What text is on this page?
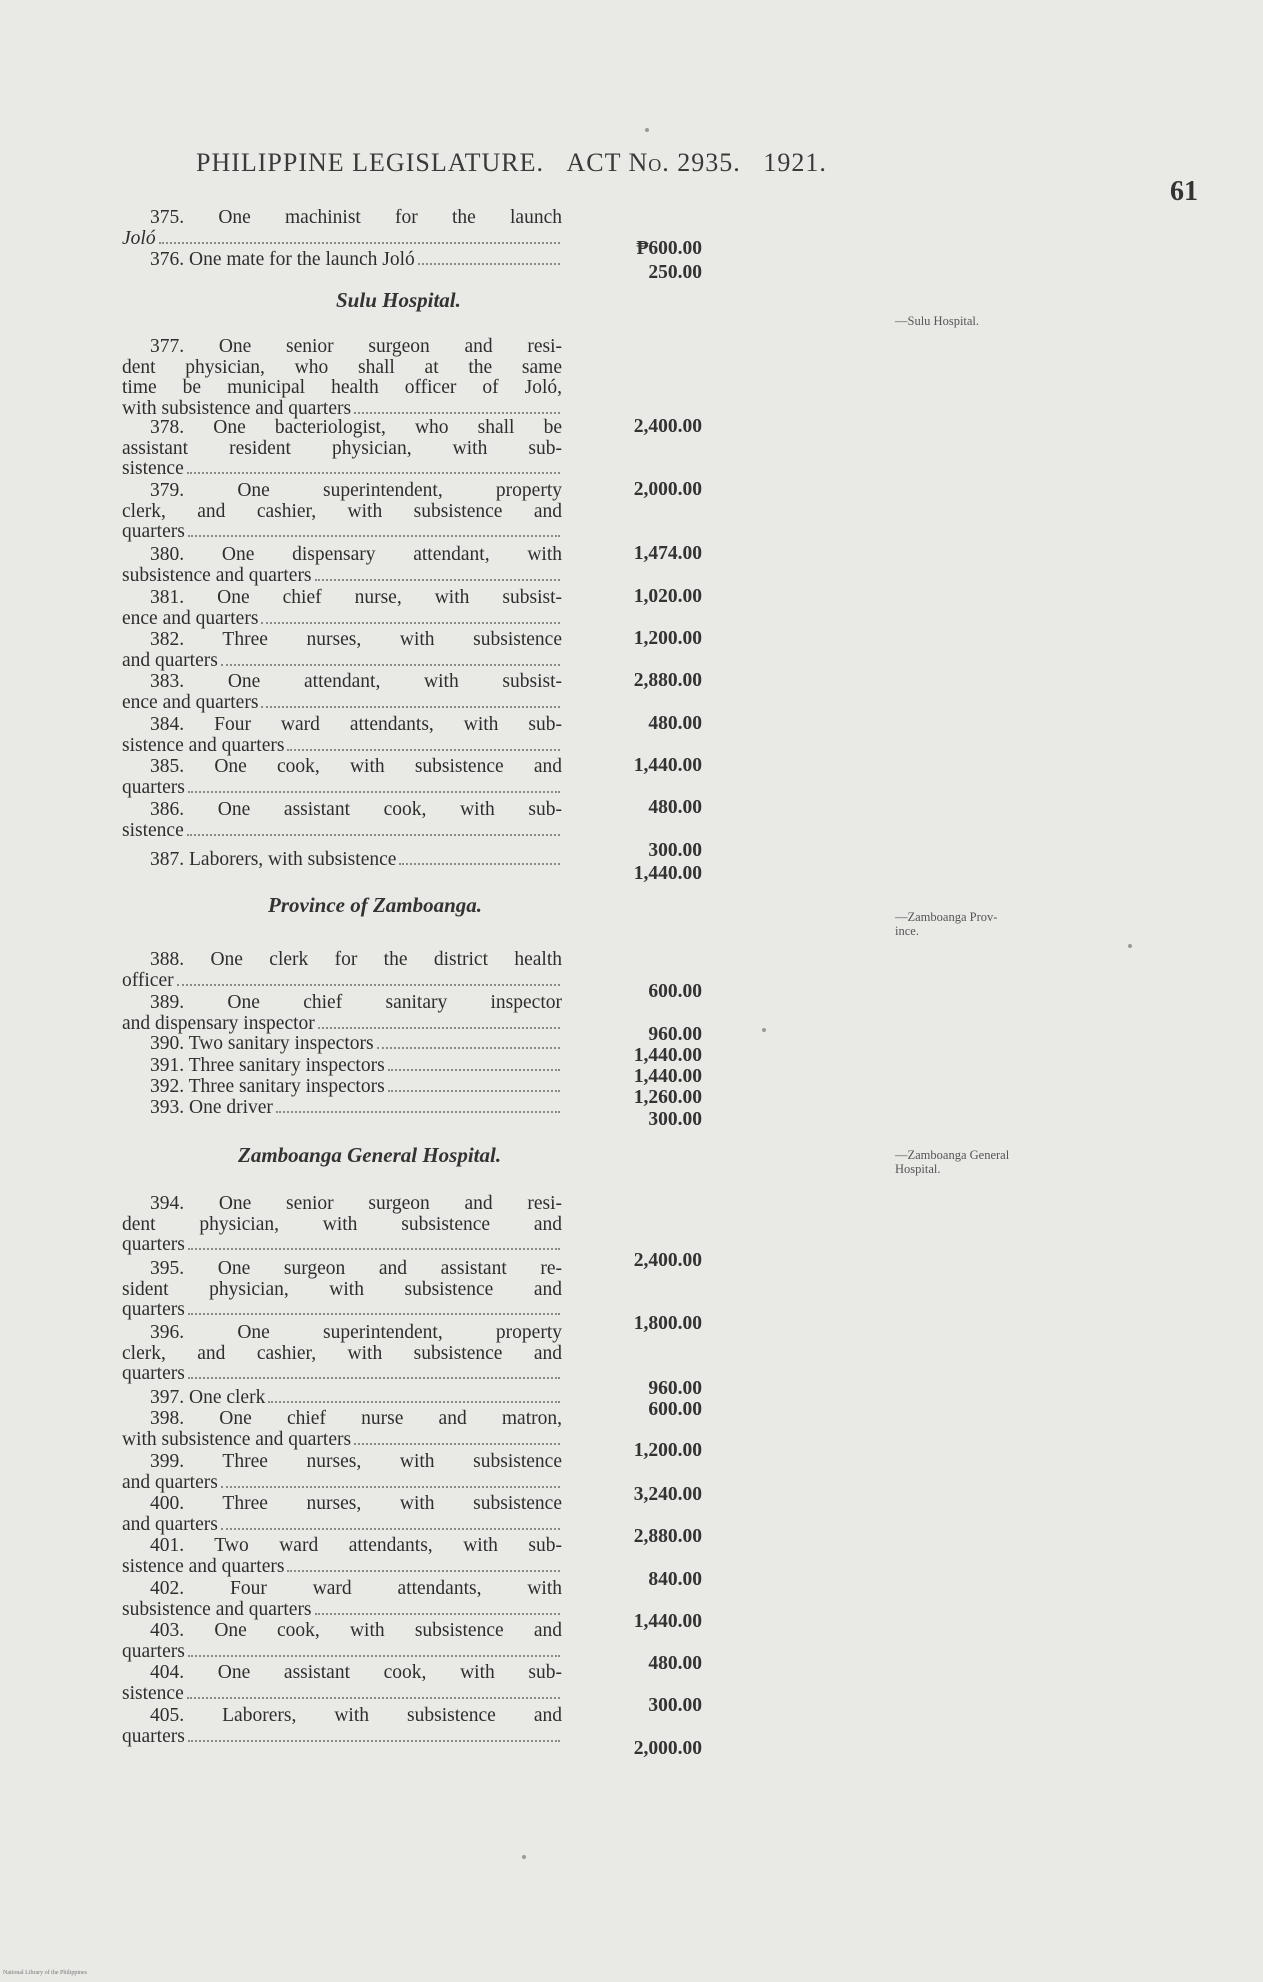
PHILIPPINE LEGISLATURE. ACT No. 2935. 1921.
61
Sulu Hospital.
Province of Zamboanga.
Zamboanga General Hospital.
—Sulu Hospital.
—Zamboanga Prov-
ince.
—Zamboanga General
Hospital.
375. One machinist for the launch
Joló	₱600.00
376. One mate for the launch Joló
250.00
377. One senior surgeon and resi-
dent physician, who shall at the same
time be municipal health officer of Joló,
with subsistence and quarters
2,400.00
378. One bacteriologist, who shall be
assistant resident physician, with sub-
sistence
2,000.00
379. One superintendent, property
clerk, and cashier, with subsistence and
quarters
1,474.00
380. One dispensary attendant, with
subsistence and quarters
1,020.00
381. One chief nurse, with subsist-
ence and quarters
1,200.00
382. Three nurses, with subsistence
and quarters
2,880.00
383. One attendant, with subsist-
ence and quarters
480.00
384. Four ward attendants, with sub-
sistence and quarters
1,440.00
385. One cook, with subsistence and
quarters
480.00
386. One assistant cook, with sub-
sistence
300.00
387. Laborers, with subsistence
1,440.00
388. One clerk for the district health
officer
600.00
389. One chief sanitary inspector
and dispensary inspector
960.00
390. Two sanitary inspectors
1,440.00
391. Three sanitary inspectors
1,440.00
392. Three sanitary inspectors
1,260.00
393. One driver
300.00
394. One senior surgeon and resi-
dent physician, with subsistence and
quarters
2,400.00
395. One surgeon and assistant re-
sident physician, with subsistence and
quarters
1,800.00
396. One superintendent, property
clerk, and cashier, with subsistence and
quarters
960.00
397. One clerk
600.00
398. One chief nurse and matron,
with subsistence and quarters
1,200.00
399. Three nurses, with subsistence
and quarters
3,240.00
400. Three nurses, with subsistence
and quarters
2,880.00
401. Two ward attendants, with sub-
sistence and quarters
840.00
402. Four ward attendants, with
subsistence and quarters
1,440.00
403. One cook, with subsistence and
quarters
480.00
404. One assistant cook, with sub-
sistence
300.00
405. Laborers, with subsistence and
quarters
2,000.00
National Library of the Philippines
